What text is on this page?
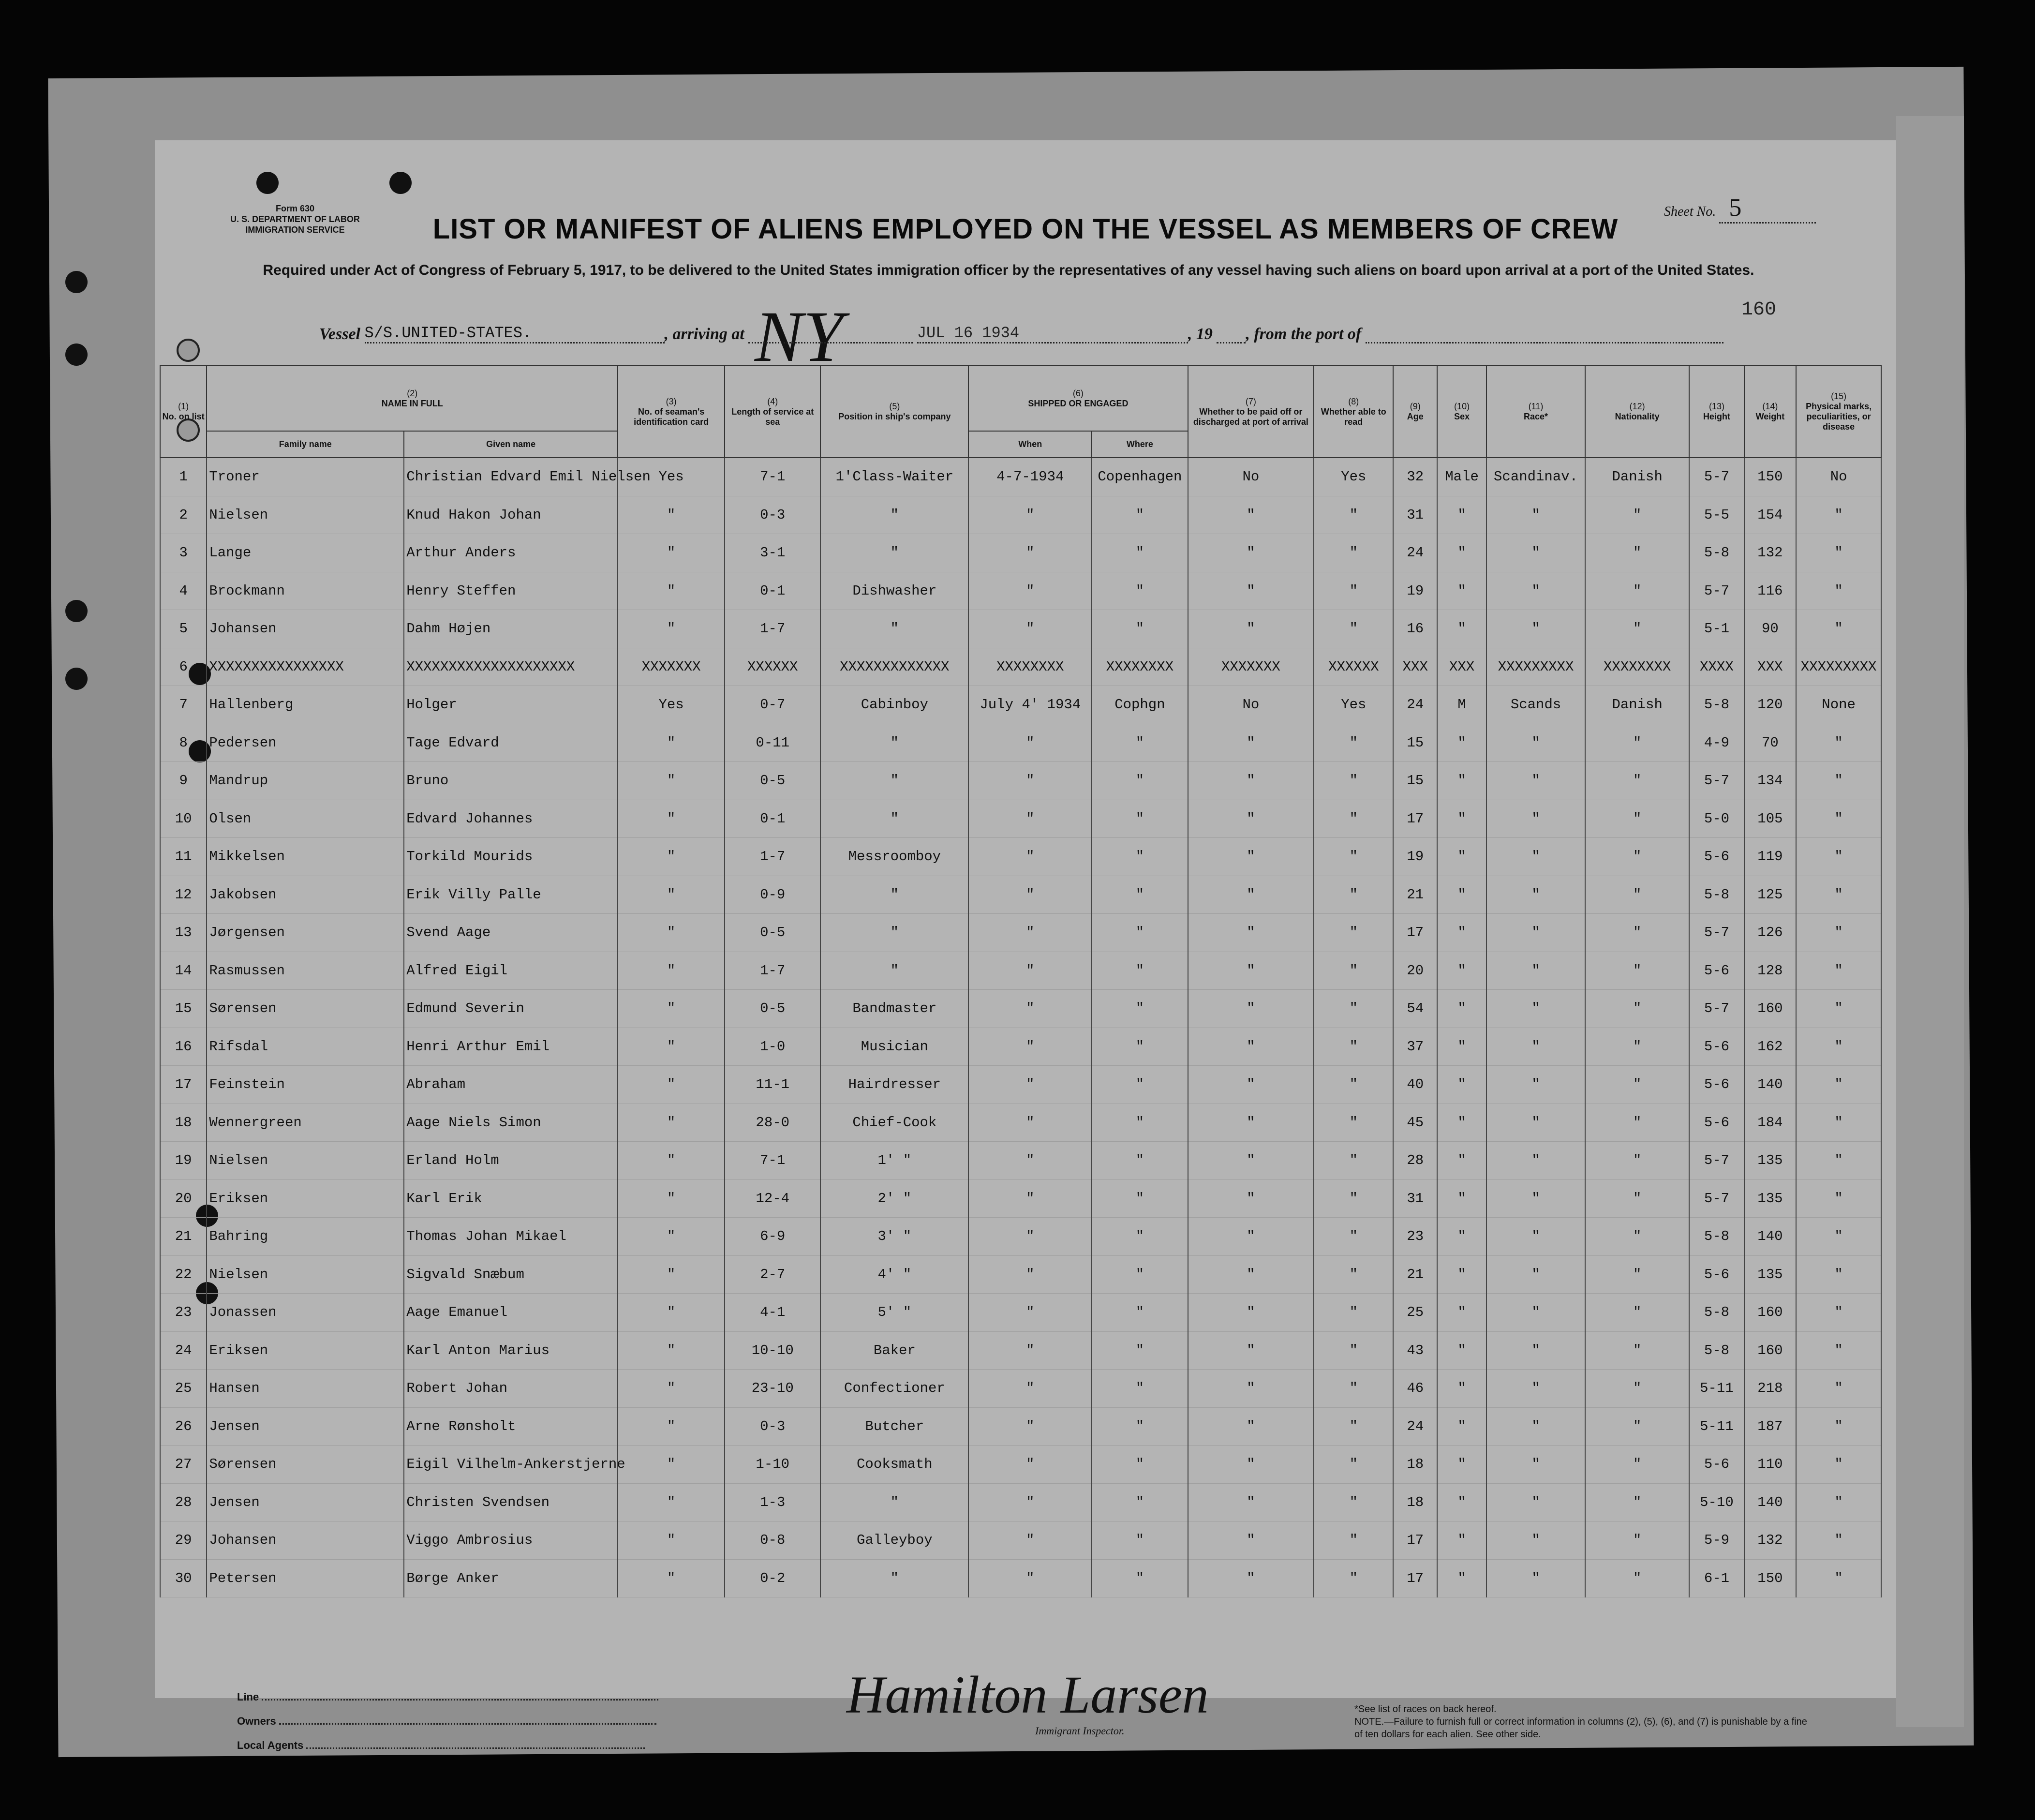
Form 630
U. S. DEPARTMENT OF LABOR
IMMIGRATION SERVICE
Sheet No. 5
LIST OR MANIFEST OF ALIENS EMPLOYED ON THE VESSEL AS MEMBERS OF CREW
Required under Act of Congress of February 5, 1917, to be delivered to the United States immigration officer by the representatives of any vessel having such aliens on board upon arrival at a port of the United States.
160
NY
Vessel S/S.UNITED-STATES.	, arriving at	JUL 16 1934	, 19 , from the port of
(1)
No. on list	(2)
NAME IN FULL		(3)
No. of seaman's identification card	(4)
Length of service at sea	(5)
Position in ship's company	(6)
SHIPPED OR ENGAGED		(7)
Whether to be paid off or discharged at port of arrival	(8)
Whether able to read	(9)
Age	(10)
Sex	(11)
Race*	(12)
Nationality	(13)
Height	(14)
Weight	(15)
Physical marks, peculiarities, or disease
	Family name	Given name				When	Where									
1	Troner	Christian Edvard Emil Nielsen	Yes	7-1	1'Class-Waiter	4-7-1934	Copenhagen	No	Yes	32	Male	Scandinav.	Danish	5-7	150	No
2	Nielsen	Knud Hakon Johan	"	0-3	"	"	"	"	"	31	"	"	"	5-5	154	"
3	Lange	Arthur Anders	"	3-1	"	"	"	"	"	24	"	"	"	5-8	132	"
4	Brockmann	Henry Steffen	"	0-1	Dishwasher	"	"	"	"	19	"	"	"	5-7	116	"
5	Johansen	Dahm Højen	"	1-7	"	"	"	"	"	16	"	"	"	5-1	90	"
6	XXXXXXXXXXXXXXXX	XXXXXXXXXXXXXXXXXXXX	XXXXXXX	XXXXXX	XXXXXXXXXXXXX	XXXXXXXX	XXXXXXXX	XXXXXXX	XXXXXX	XXX	XXX	XXXXXXXXX	XXXXXXXX	XXXX	XXX	XXXXXXXXX
7	Hallenberg	Holger	Yes	0-7	Cabinboy	July 4' 1934	Cophgn	No	Yes	24	M	Scands	Danish	5-8	120	None
8	Pedersen	Tage Edvard	"	0-11	"	"	"	"	"	15	"	"	"	4-9	70	"
9	Mandrup	Bruno	"	0-5	"	"	"	"	"	15	"	"	"	5-7	134	"
10	Olsen	Edvard Johannes	"	0-1	"	"	"	"	"	17	"	"	"	5-0	105	"
11	Mikkelsen	Torkild Mourids	"	1-7	Messroomboy	"	"	"	"	19	"	"	"	5-6	119	"
12	Jakobsen	Erik Villy Palle	"	0-9	"	"	"	"	"	21	"	"	"	5-8	125	"
13	Jørgensen	Svend Aage	"	0-5	"	"	"	"	"	17	"	"	"	5-7	126	"
14	Rasmussen	Alfred Eigil	"	1-7	"	"	"	"	"	20	"	"	"	5-6	128	"
15	Sørensen	Edmund Severin	"	0-5	Bandmaster	"	"	"	"	54	"	"	"	5-7	160	"
16	Rifsdal	Henri Arthur Emil	"	1-0	Musician	"	"	"	"	37	"	"	"	5-6	162	"
17	Feinstein	Abraham	"	11-1	Hairdresser	"	"	"	"	40	"	"	"	5-6	140	"
18	Wennergreen	Aage Niels Simon	"	28-0	Chief-Cook	"	"	"	"	45	"	"	"	5-6	184	"
19	Nielsen	Erland Holm	"	7-1	1' "	"	"	"	"	28	"	"	"	5-7	135	"
20	Eriksen	Karl Erik	"	12-4	2' "	"	"	"	"	31	"	"	"	5-7	135	"
21	Bahring	Thomas Johan Mikael	"	6-9	3' "	"	"	"	"	23	"	"	"	5-8	140	"
22	Nielsen	Sigvald Snæbum	"	2-7	4' "	"	"	"	"	21	"	"	"	5-6	135	"
23	Jonassen	Aage Emanuel	"	4-1	5' "	"	"	"	"	25	"	"	"	5-8	160	"
24	Eriksen	Karl Anton Marius	"	10-10	Baker	"	"	"	"	43	"	"	"	5-8	160	"
25	Hansen	Robert Johan	"	23-10	Confectioner	"	"	"	"	46	"	"	"	5-11	218	"
26	Jensen	Arne Rønsholt	"	0-3	Butcher	"	"	"	"	24	"	"	"	5-11	187	"
27	Sørensen	Eigil Vilhelm-Ankerstjerne	"	1-10	Cooksmath	"	"	"	"	18	"	"	"	5-6	110	"
28	Jensen	Christen Svendsen	"	1-3	"	"	"	"	"	18	"	"	"	5-10	140	"
29	Johansen	Viggo Ambrosius	"	0-8	Galleyboy	"	"	"	"	17	"	"	"	5-9	132	"
30	Petersen	Børge Anker	"	0-2	"	"	"	"	"	17	"	"	"	6-1	150	"
Line
Owners
Local Agents
Hamilton Larsen
Immigrant Inspector.
*See list of races on back hereof.
NOTE.—Failure to furnish full or correct information in columns (2), (5), (6), and (7) is punishable by a fine of ten dollars for each alien. See other side.
